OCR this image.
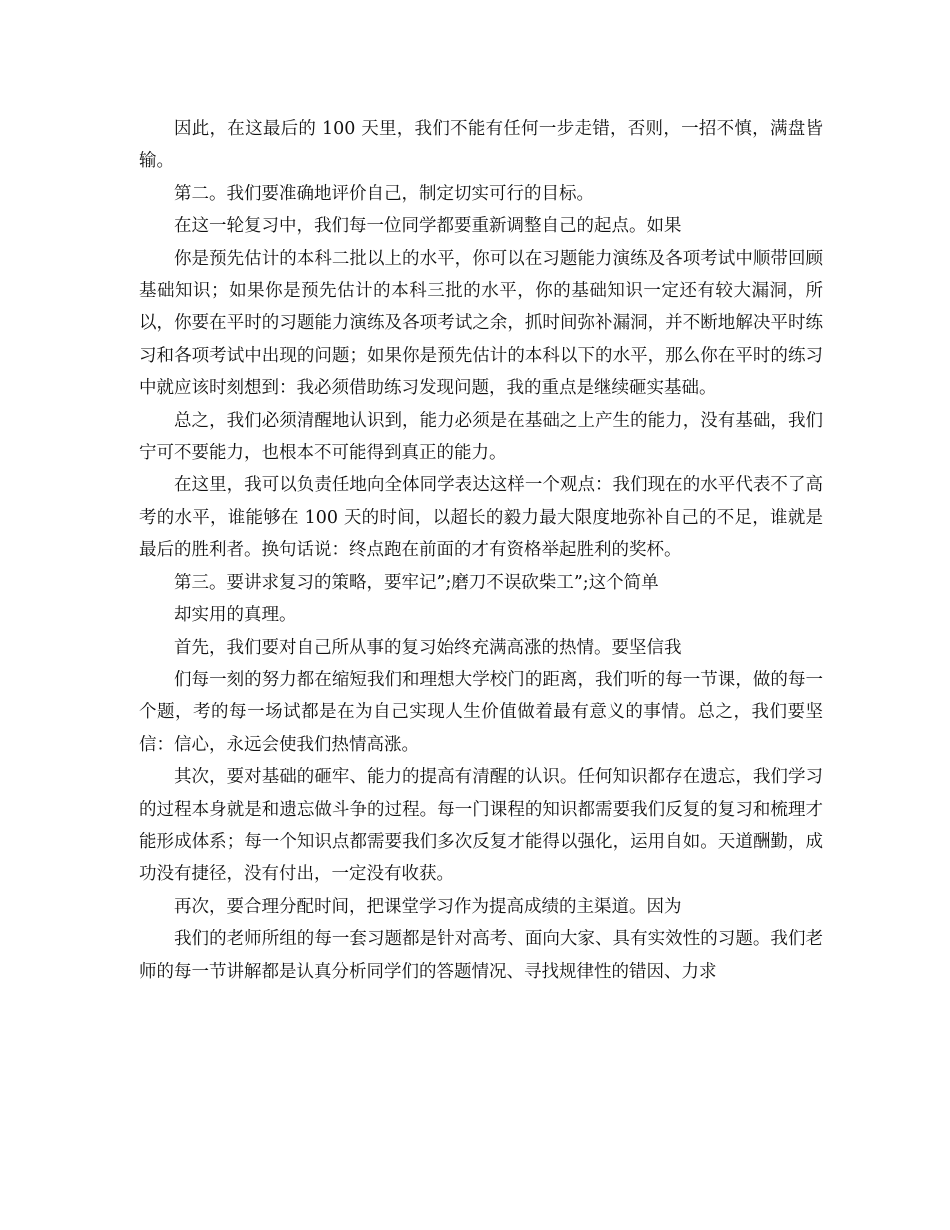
因此，在这最后的 100 天里，我们不能有任何一步走错，否则，一招不慎，满盘皆输。

第二。我们要准确地评价自己，制定切实可行的目标。

在这一轮复习中，我们每一位同学都要重新调整自己的起点。如果

你是预先估计的本科二批以上的水平，你可以在习题能力演练及各项考试中顺带回顾基础知识；如果你是预先估计的本科三批的水平，你的基础知识一定还有较大漏洞，所以，你要在平时的习题能力演练及各项考试之余，抓时间弥补漏洞，并不断地解决平时练习和各项考试中出现的问题；如果你是预先估计的本科以下的水平，那么你在平时的练习中就应该时刻想到：我必须借助练习发现问题，我的重点是继续砸实基础。

总之，我们必须清醒地认识到，能力必须是在基础之上产生的能力，没有基础，我们宁可不要能力，也根本不可能得到真正的能力。

在这里，我可以负责任地向全体同学表达这样一个观点：我们现在的水平代表不了高考的水平，谁能够在 100 天的时间，以超长的毅力最大限度地弥补自己的不足，谁就是最后的胜利者。换句话说：终点跑在前面的才有资格举起胜利的奖杯。

第三。要讲求复习的策略，要牢记”;磨刀不误砍柴工”;这个简单

却实用的真理。

首先，我们要对自己所从事的复习始终充满高涨的热情。要坚信我

们每一刻的努力都在缩短我们和理想大学校门的距离，我们听的每一节课，做的每一个题，考的每一场试都是在为自己实现人生价值做着最有意义的事情。总之，我们要坚信：信心，永远会使我们热情高涨。

其次，要对基础的砸牢、能力的提高有清醒的认识。任何知识都存在遗忘，我们学习的过程本身就是和遗忘做斗争的过程。每一门课程的知识都需要我们反复的复习和梳理才能形成体系；每一个知识点都需要我们多次反复才能得以强化，运用自如。天道酬勤，成功没有捷径，没有付出，一定没有收获。

再次，要合理分配时间，把课堂学习作为提高成绩的主渠道。因为

我们的老师所组的每一套习题都是针对高考、面向大家、具有实效性的习题。我们老师的每一节讲解都是认真分析同学们的答题情况、寻找规律性的错因、力求
